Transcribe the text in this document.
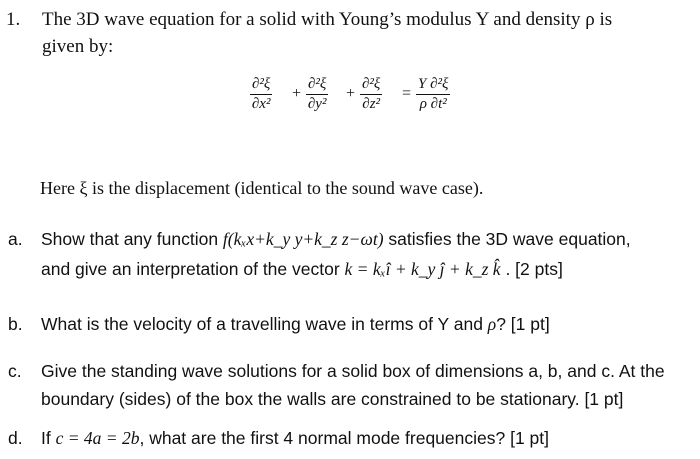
1. The 3D wave equation for a solid with Young’s modulus Y and density ρ is
given by:
$\frac{\text{∂²ξ}}{\text{∂x²}} + \frac{\text{∂²ξ}}{\text{∂y²}} + \frac{\text{∂²ξ}}{\text{∂z²}} = \frac{\text{Y ∂²ξ}}{\text{ρ ∂t²}}$
Here ξ is the displacement (identical to the sound wave case).
a. Show that any function f(kₓx+k_y y+k_z z−ωt) satisfies the 3D wave equation,
and give an interpretation of the vector k = kₓî + k_y ĵ + k_z k̂ . [2 pts]
b. What is the velocity of a travelling wave in terms of Y and ρ? [1 pt]
c. Give the standing wave solutions for a solid box of dimensions a, b, and c. At the
boundary (sides) of the box the walls are constrained to be stationary. [1 pt]
d. If c = 4a = 2b, what are the first 4 normal mode frequencies? [1 pt]
